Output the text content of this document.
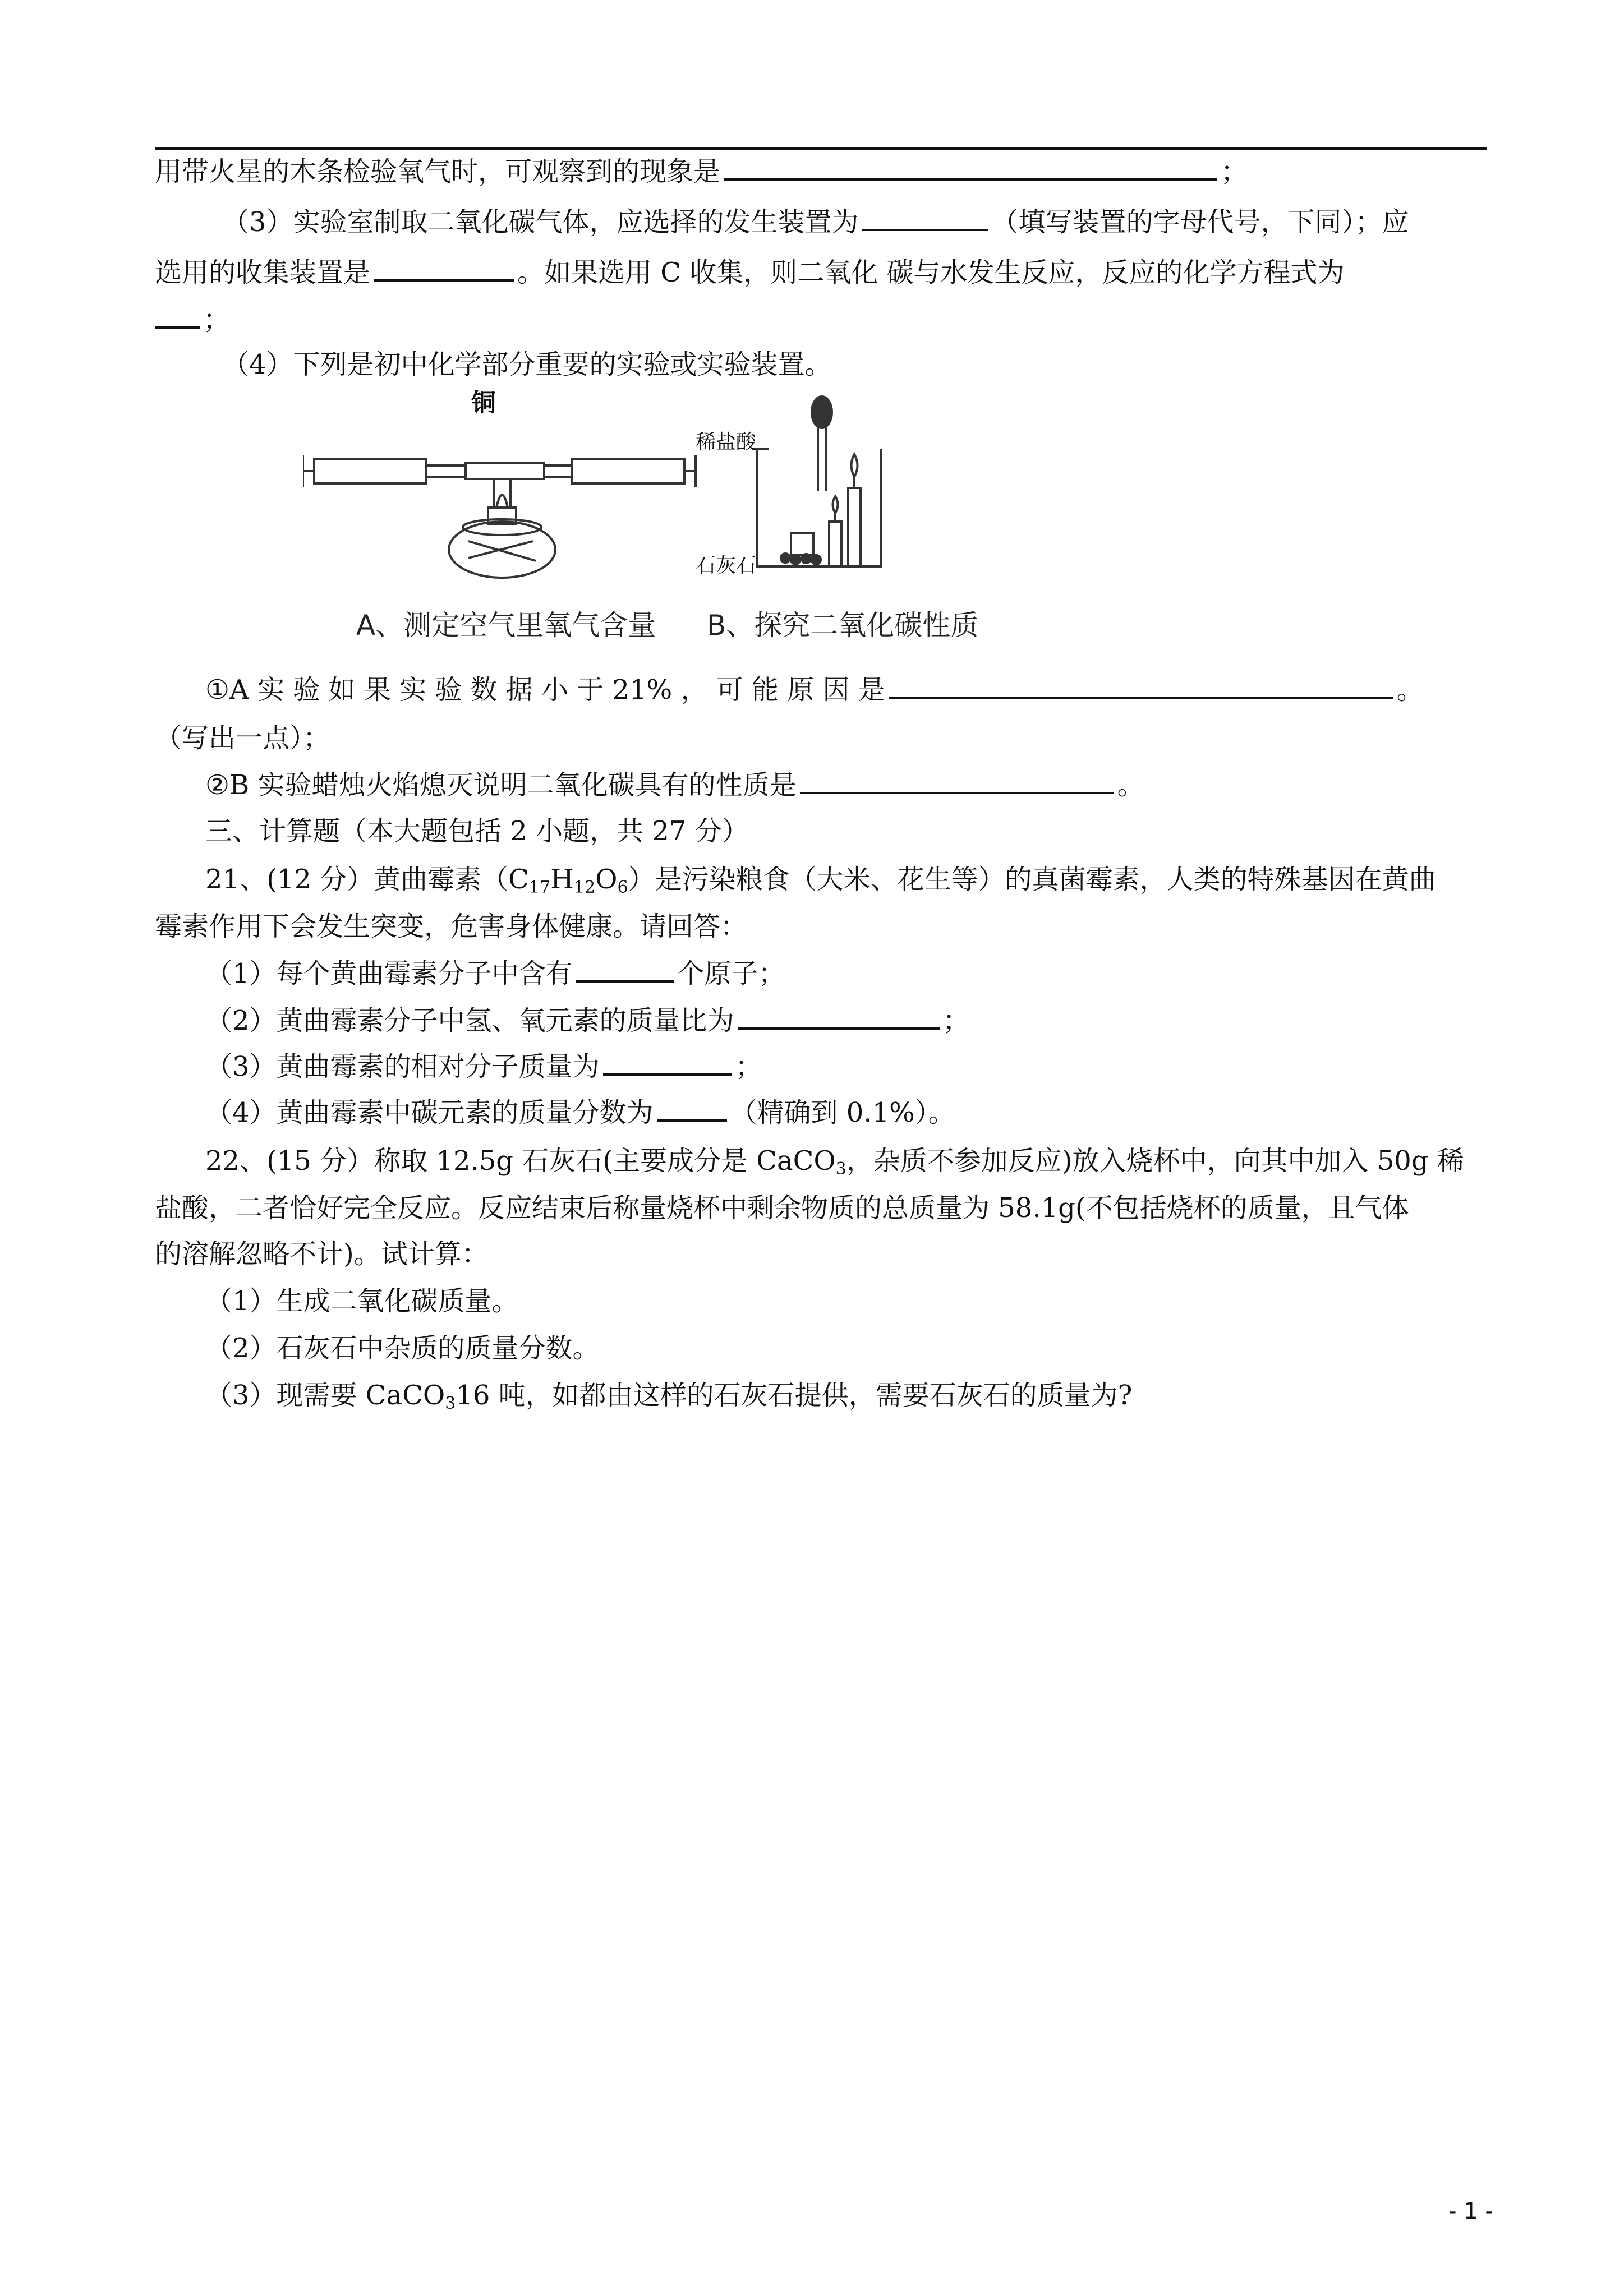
用带火星的木条检验氧气时，可观察到的现象是	；
（3）实验室制取二氧化碳气体，应选择的发生装置为	（填写装置的字母代号，下同）；应
选用的收集装置是	。如果选用 C 收集，则二氧化 碳与水发生反应，反应的化学方程式为
；
（4）下列是初中化学部分重要的实验或实验装置。
铜
稀盐酸
石灰石
A、测定空气里氧气含量 B、探究二氧化碳性质
①A 实 验 如 果 实 验 数 据 小 于 21% ， 可 能 原 因 是	。
（写出一点）；
②B 实验蜡烛火焰熄灭说明二氧化碳具有的性质是	。
三、计算题（本大题包括 2 小题，共 27 分）
21、(12 分）黄曲霉素$(C_{17}H_{12}O_6)$是污染粮食（大米、花生等）的真菌霉素，人类的特殊基因在黄曲
霉素作用下会发生突变，危害身体健康。请回答：
（1）每个黄曲霉素分子中含有	个原子；
（2）黄曲霉素分子中氢、氧元素的质量比为	；
（3）黄曲霉素的相对分子质量为	；
（4）黄曲霉素中碳元素的质量分数为	（精确到 0.1%）。
22、(15 分）称取 12.5g 石灰石(主要成分是 CaCO$_3$，杂质不参加反应)放入烧杯中，向其中加入 50g 稀
盐酸，二者恰好完全反应。反应结束后称量烧杯中剩余物质的总质量为 58.1g(不包括烧杯的质量，且气体
的溶解忽略不计)。试计算：
（1）生成二氧化碳质量。
（2）石灰石中杂质的质量分数。
（3）现需要 CaCO$_3$16 吨，如都由这样的石灰石提供，需要石灰石的质量为?
- 1 -
